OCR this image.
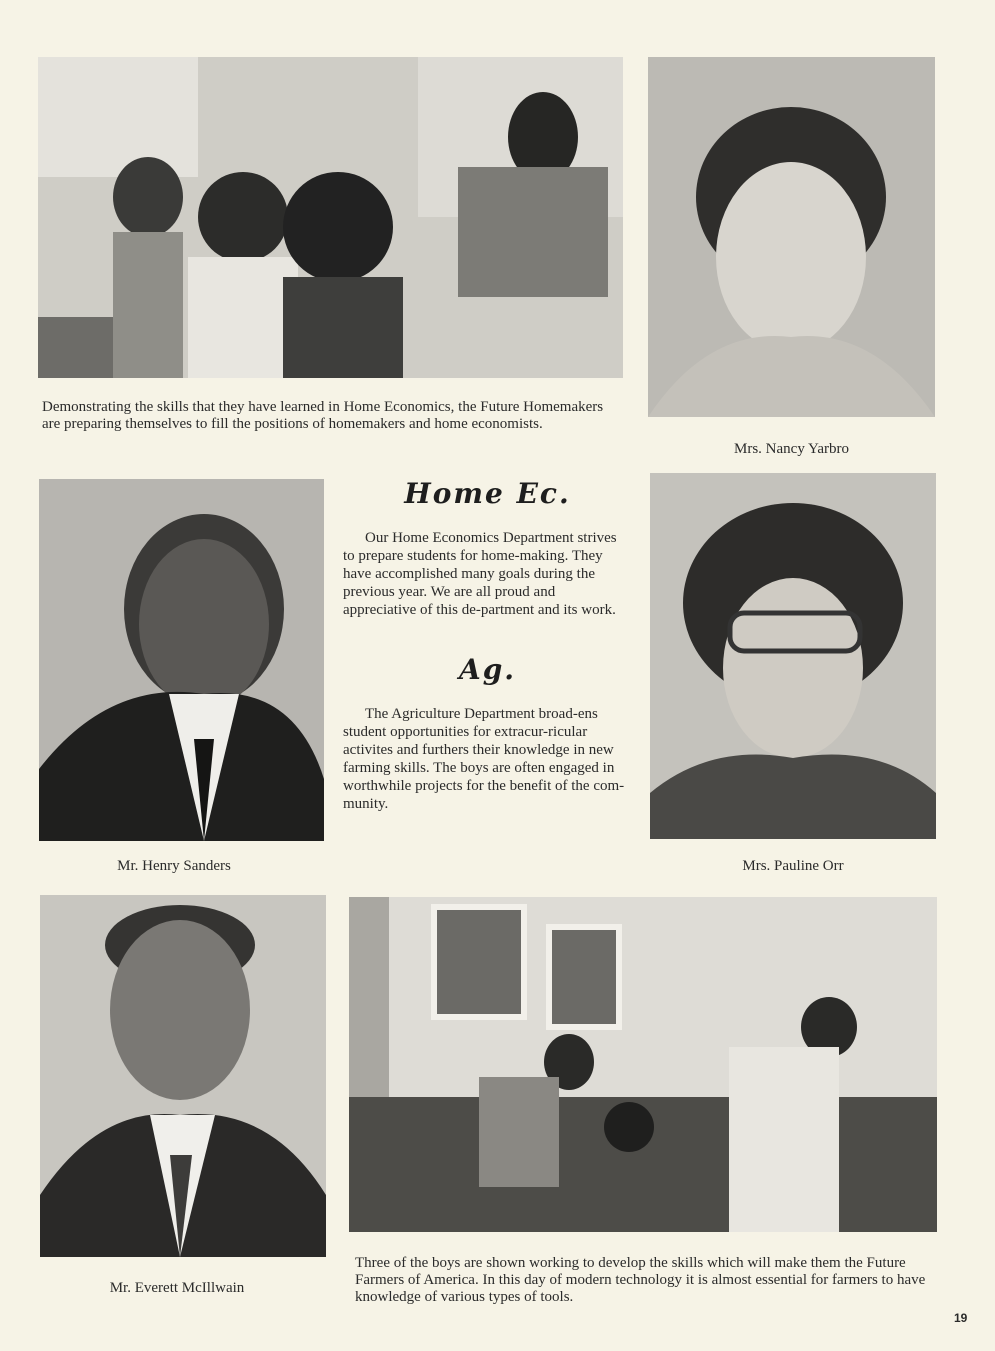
Demonstrating the skills that they have learned in Home Economics, the Future Homemakers are preparing themselves to fill the positions of homemakers and home economists.
Mrs. Nancy Yarbro
Home Ec.
Our Home Economics Department strives to prepare students for home-making. They have accomplished many goals during the previous year. We are all proud and appreciative of this de-partment and its work.
Ag.
The Agriculture Department broad-ens student opportunities for extracur-ricular activites and furthers their knowledge in new farming skills. The boys are often engaged in worthwhile projects for the benefit of the com-munity.
Mr. Henry Sanders	Mrs. Pauline Orr
Mr. Everett McIllwain
Three of the boys are shown working to develop the skills which will make them the Future Farmers of America. In this day of modern technology it is almost essential for farmers to have knowledge of various types of tools.
19
